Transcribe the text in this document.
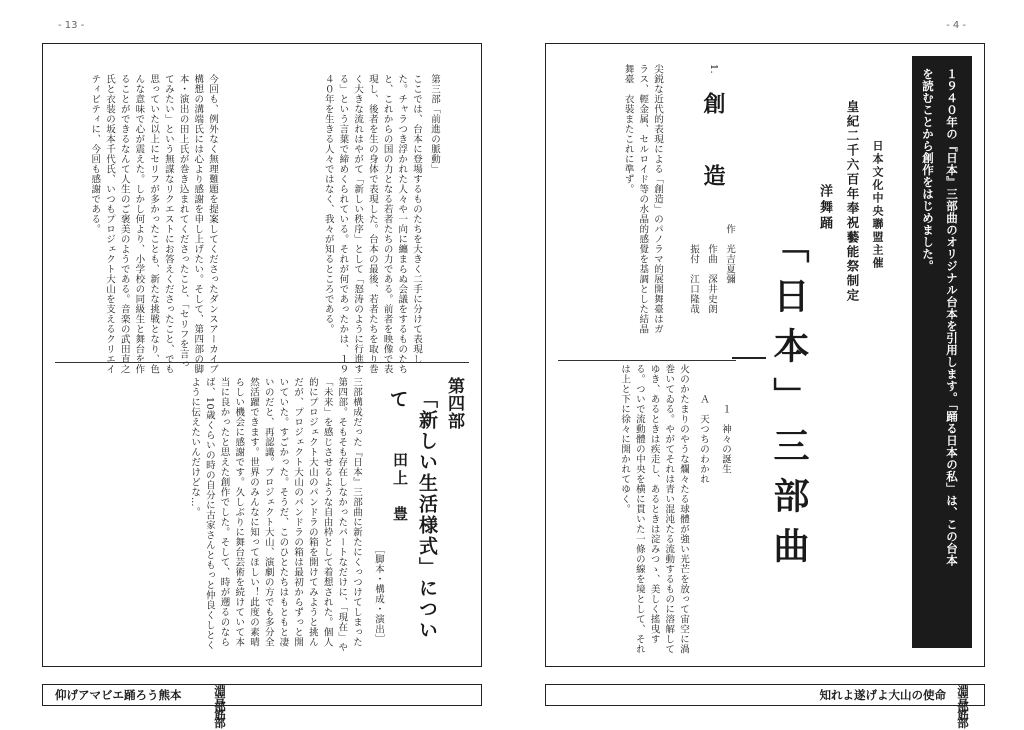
- 13 -
第三部「前進の脈動」
ここでは、台本に登場するものたちを大きく二手に分けて表現した。チャラつき浮かれた人々や一向に纏まらぬ会議をするものたちと、これからの国の力となる若者たちの力である。前者を映像で表現し、後者を生の身体で表現した。台本の最後、若者たちを取り巻く大きな流れはやがて「新しい秩序」として「怒涛のように行進する」という言葉で締めくられている。それが何であったかは、１９４０年を生きる人々ではなく、我々が知るところである。
今回も、例外なく無理難題を提案してくださったダンスアーカイブ構想の溝端氏には心より感謝を申し上げたい。そして、第四部の脚本・演出の田上氏が巻き込まれてくださったこと、「セリフを言ってみたい」という無謀なリクエストにお答えくださったこと、でも思っていた以上にセリフが多かったことも、新たな挑戦となり、色んな意味で心が震えた。しかし何より、小学校の同級生と舞台を作ることができるなんて人生のご褒美のようである。音楽の武田直之氏と衣装の坂本千代氏、いつもプロジェクト大山を支えるクリエイティビティに、今回も感謝である。
第四部
「新しい生活様式」について
田上　豊
［脚本・構成・演出］
三部構成だった『日本』三部曲に新たにくっつけてしまった第四部。そもそも存在しなかったパートなだけに、「現在」や「未来」を感じさせるような自由枠として着想された。個人的にプロジェクト大山のパンドラの箱を開けてみようと挑んだが、プロジェクト大山のパンドラの箱は最初からずっと開いていた。すごかった。そうだ、このひとたちはもともと凄いのだと、再認識。プロジェクト大山、演劇の方でも多分全然活躍できます。世界のみんなに知ってほしい！此度の素晴らしい機会に感謝です。久しぶりに舞台芸術を続けていて本当に良かったと思えた創作でした。そして、時が遡るのならば、10歳くらいの時の自分に古家さんともっと仲良くしとくように伝えたいんだけどな…。
仰げアマビエ踊ろう熊本	淵音部 筋部
- 4 -
１９４０年の『日本』三部曲のオリジナル台本を引用します。「踊る日本の私」は、この台本
を読むことから創作をはじめました。
日本文化中央聯盟主催
皇紀二千六百年奉祝藝能祭制定
洋舞踊
「日本」三部曲
作　光吉夏彌
作曲　深井史朗
振付　江口隆哉
1.
創　造
尖鋭な近代的表現による「創造」のパノラマ的展開舞臺はガラス、輕金属、セルロイド等の水晶的感覺を基調とした結晶舞臺　衣裝またこれに準ず。
１　神々の誕生
Ａ　天つちのわかれ
火のかたまりのやうな爛々たる球體が強い光芒を放って宙空に渦巻いてゐる。やがてそれは青い混沌たる流動するものに溶解してゆき、あるときは疾走し、あるときは淀みつゝ、美しく搖曳する。ついで流動體の中央を横に貫いた一條の線を境として、それは上と下に徐々に開かれてゆく。
知れよ遂げよ大山の使命 淵音部 筋部
